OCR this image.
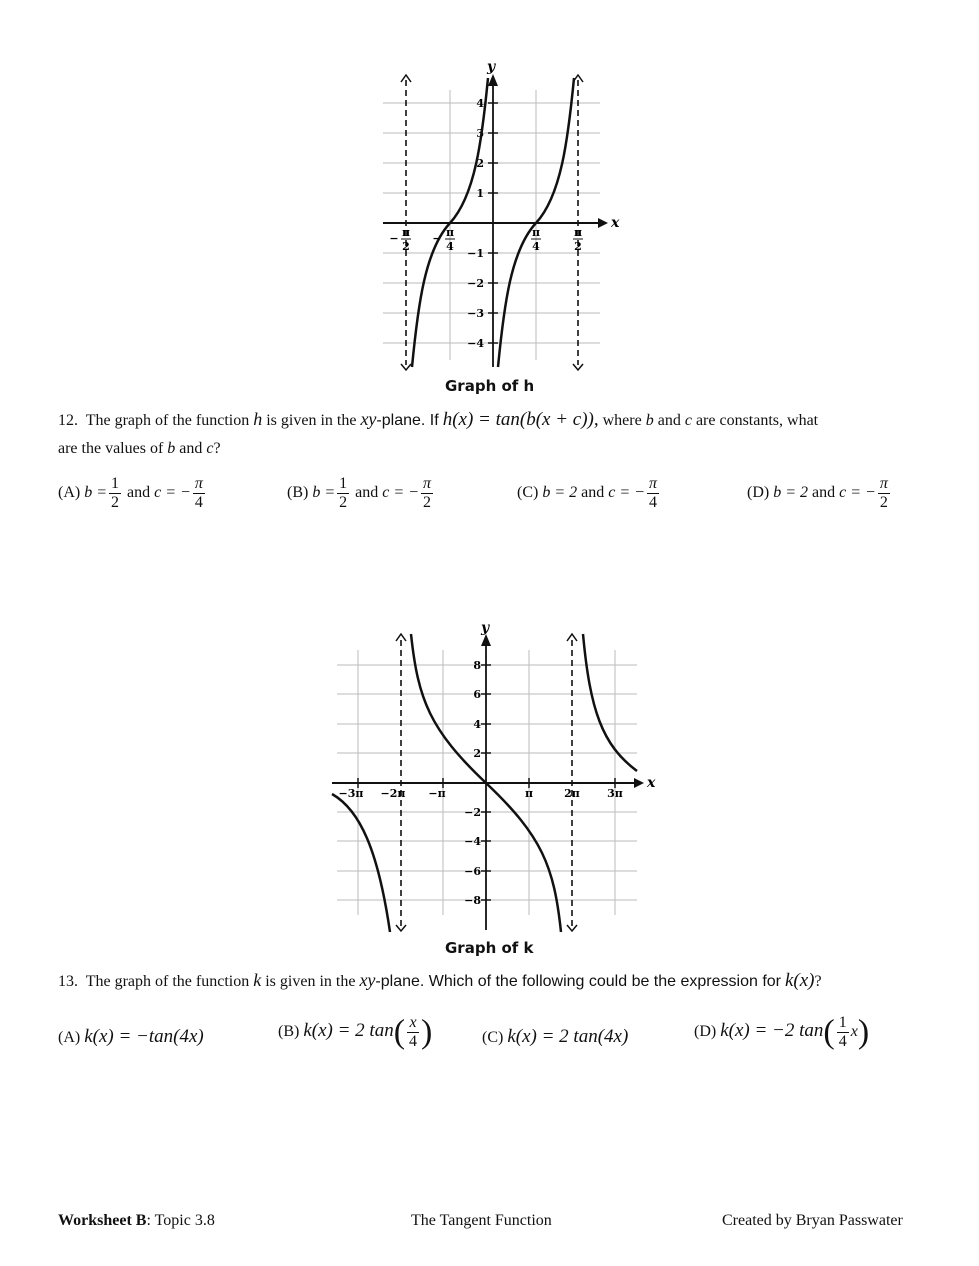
4
3
2
1
−1
−2
−3
−4
y
x
− π
2
− π
4
π
4
π
2
Graph of h
12. The graph of the function h is given in the xy-plane. If h(x) = tan(b(x + c)), where b and c are constants, what
are the values of b and c?
(A) $b = \frac{1}{2}$ and c = − $\frac{\pi}{4}$	(B) $b = \frac{1}{2}$ and c = − $\frac{\pi}{2}$	(C) b = 2 and c = − $\frac{\pi}{4}$	(D) b = 2 and c = − $\frac{\pi}{2}$
8
6
4
2
−2
−4
−6
−8
−3π −2π −π	π	2π 3π
y
x
Graph of k
13. The graph of the function k is given in the xy-plane. Which of the following could be the expression for k(x)?
(A) k(x) = −tan(4x)	(B) k(x) = 2 $\tan( \frac{x}{4}$ )	(C) k(x) = 2 tan(4x)	(D) k(x) = −2 $\tan( \frac{1}{4} x)$
Worksheet B: Topic 3.8	The Tangent Function	Created by Bryan Passwater
